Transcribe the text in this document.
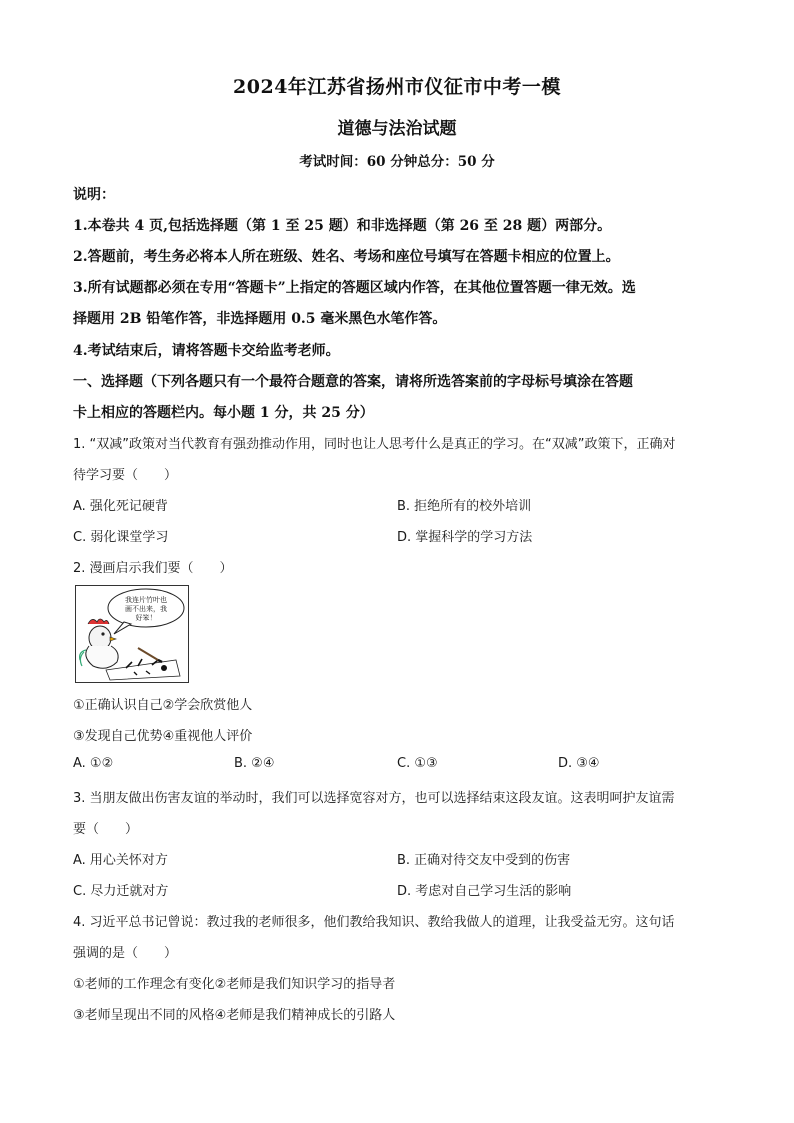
2024年江苏省扬州市仪征市中考一模
道德与法治试题
考试时间：60 分钟总分：50 分
说明：
1.本卷共 4 页,包括选择题（第 1 至 25 题）和非选择题（第 26 至 28 题）两部分。
2.答题前，考生务必将本人所在班级、姓名、考场和座位号填写在答题卡相应的位置上。
3.所有试题都必须在专用“答题卡”上指定的答题区域内作答，在其他位置答题一律无效。选
择题用 2B 铅笔作答，非选择题用 0.5 毫米黑色水笔作答。
4.考试结束后，请将答题卡交给监考老师。
一、选择题（下列各题只有一个最符合题意的答案，请将所选答案前的字母标号填涂在答题
卡上相应的答题栏内。每小题 1 分，共 25 分）
1. “双减”政策对当代教育有强劲推动作用，同时也让人思考什么是真正的学习。在“双减”政策下，正确对
待学习要（　　）
A. 强化死记硬背	B. 拒绝所有的校外培训
C. 弱化课堂学习	D. 掌握科学的学习方法
2. 漫画启示我们要（　　）
我连片竹叶也
画不出来，我
好笨！
①正确认识自己②学会欣赏他人
③发现自己优势④重视他人评价
A. ①②	B. ②④	C. ①③	D. ③④
3. 当朋友做出伤害友谊的举动时，我们可以选择宽容对方，也可以选择结束这段友谊。这表明呵护友谊需
要（　　）
A. 用心关怀对方	B. 正确对待交友中受到的伤害
C. 尽力迁就对方	D. 考虑对自己学习生活的影响
4. 习近平总书记曾说：教过我的老师很多，他们教给我知识、教给我做人的道理，让我受益无穷。这句话
强调的是（　　）
①老师的工作理念有变化②老师是我们知识学习的指导者
③老师呈现出不同的风格④老师是我们精神成长的引路人
